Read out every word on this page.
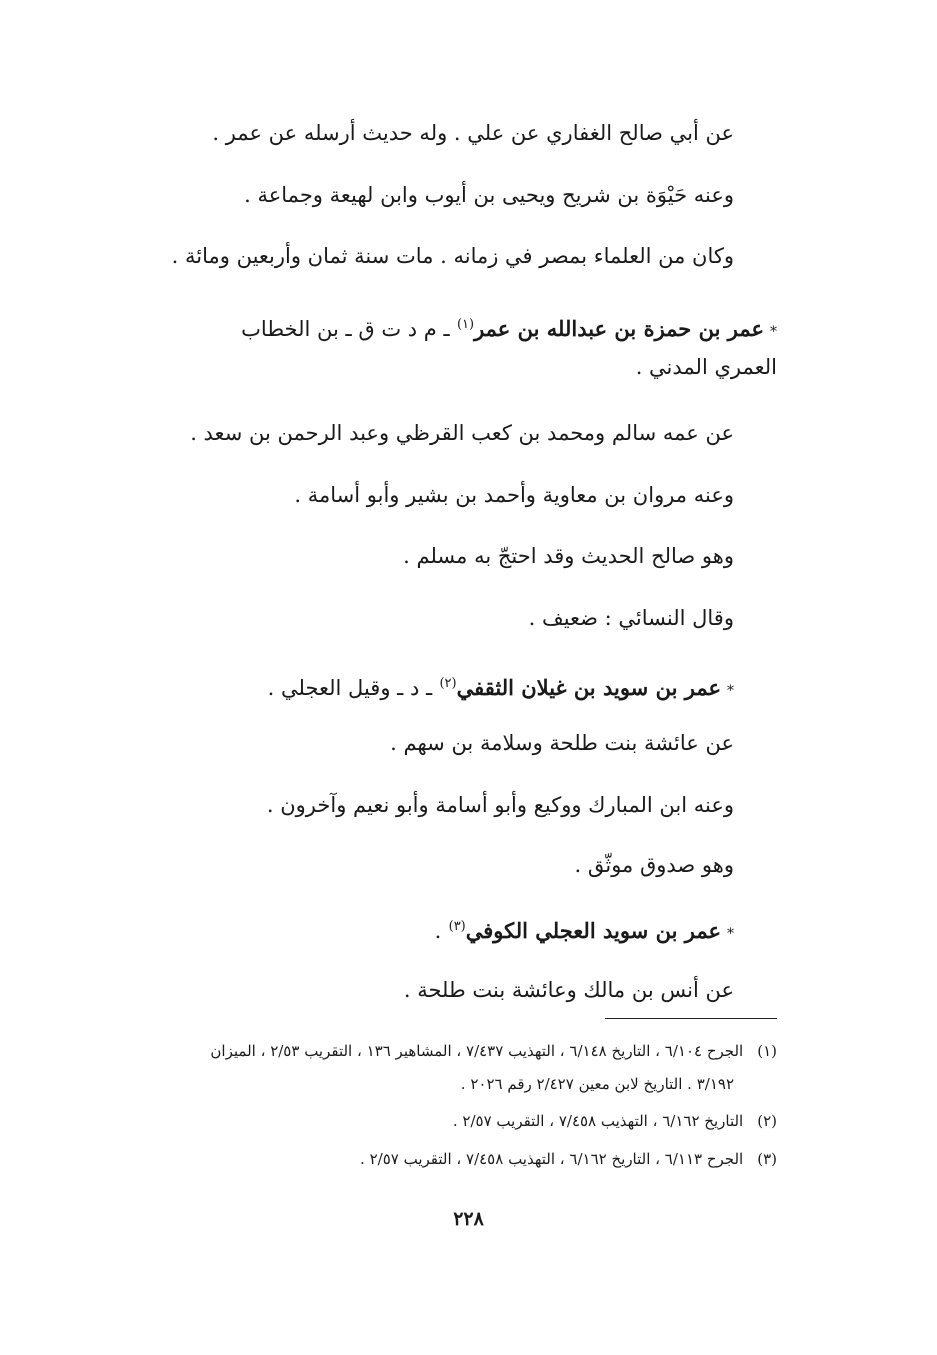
عن أبي صالح الغفاري عن علي . وله حديث أرسله عن عمر .
وعنه حَيْوَة بن شريح ويحيى بن أيوب وابن لهيعة وجماعة .
وكان من العلماء بمصر في زمانه . مات سنة ثمان وأربعين ومائة .
*عمر بن حمزة بن عبدالله بن عمر$^{(١)}$ ـ م د ت ق ـ بن الخطاب
العمري المدني .
عن عمه سالم ومحمد بن كعب القرظي وعبد الرحمن بن سعد .
وعنه مروان بن معاوية وأحمد بن بشير وأبو أسامة .
وهو صالح الحديث وقد احتجّ به مسلم .
وقال النسائي : ضعيف .
*عمر بن سويد بن غيلان الثقفي$^{(٢)}$ ـ د ـ وقيل العجلي .
عن عائشة بنت طلحة وسلامة بن سهم .
وعنه ابن المبارك ووكيع وأبو أسامة وأبو نعيم وآخرون .
وهو صدوق موثّق .
*عمر بن سويد العجلي الكوفي$^{(٣)}$ .
عن أنس بن مالك وعائشة بنت طلحة .
(١)الجرح ٦/١٠٤ ، التاريخ ٦/١٤٨ ، التهذيب ٧/٤٣٧ ، المشاهير ١٣٦ ، التقريب ٢/٥٣ ، الميزان
٣/١٩٢ . التاريخ لابن معين ٢/٤٢٧ رقم ٢٠٢٦ .
(٢)التاريخ ٦/١٦٢ ، التهذيب ٧/٤٥٨ ، التقريب ٢/٥٧ .
(٣)الجرح ٦/١١٣ ، التاريخ ٦/١٦٢ ، التهذيب ٧/٤٥٨ ، التقريب ٢/٥٧ .
٢٢٨
